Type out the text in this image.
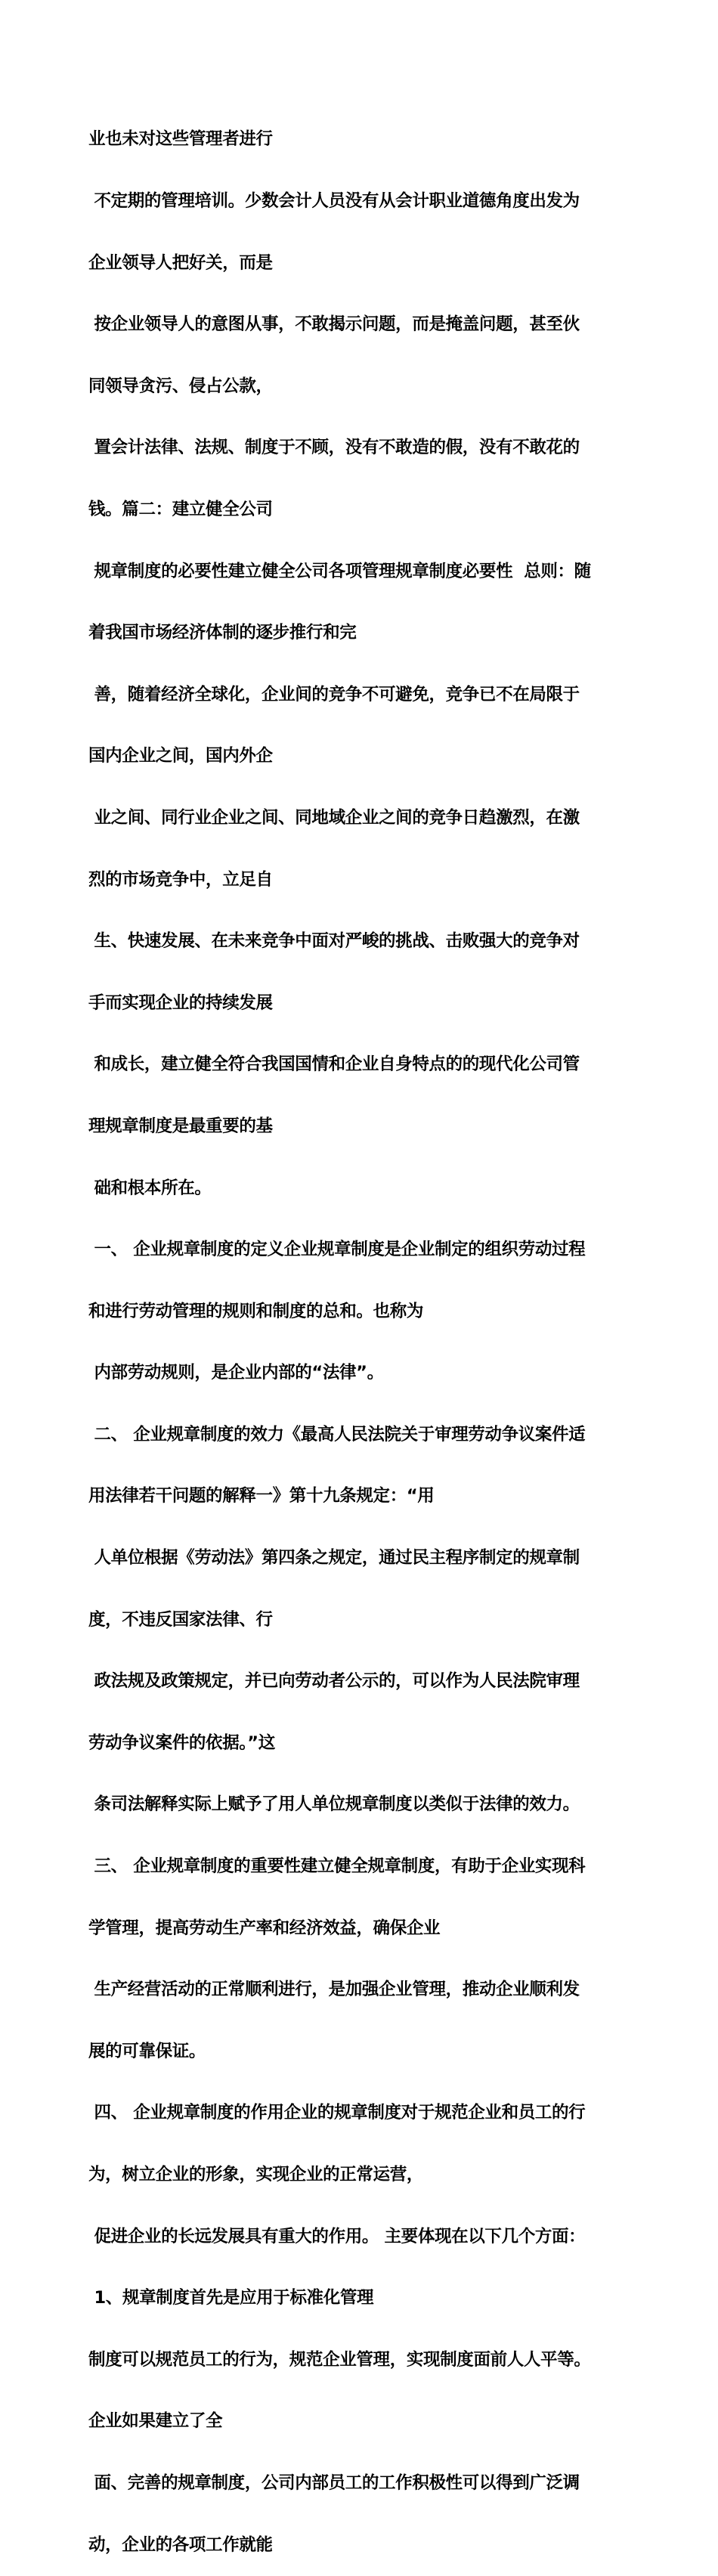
业也未对这些管理者进行

不定期的管理培训。少数会计人员没有从会计职业道德角度出发为

企业领导人把好关，而是

按企业领导人的意图从事，不敢揭示问题，而是掩盖问题，甚至伙

同领导贪污、侵占公款，

置会计法律、法规、制度于不顾，没有不敢造的假，没有不敢花的

钱。篇二：建立健全公司

规章制度的必要性建立健全公司各项管理规章制度必要性  总则：随

着我国市场经济体制的逐步推行和完

善，随着经济全球化，企业间的竞争不可避免，竞争已不在局限于

国内企业之间，国内外企

业之间、同行业企业之间、同地域企业之间的竞争日趋激烈，在激

烈的市场竞争中，立足自

生、快速发展、在未来竞争中面对严峻的挑战、击败强大的竞争对

手而实现企业的持续发展

和成长，建立健全符合我国国情和企业自身特点的的现代化公司管

理规章制度是最重要的基

础和根本所在。

一、 企业规章制度的定义企业规章制度是企业制定的组织劳动过程

和进行劳动管理的规则和制度的总和。也称为

内部劳动规则，是企业内部的“法律”。

二、 企业规章制度的效力《最高人民法院关于审理劳动争议案件适

用法律若干问题的解释一》第十九条规定：“用

人单位根据《劳动法》第四条之规定，通过民主程序制定的规章制

度，不违反国家法律、行

政法规及政策规定，并已向劳动者公示的，可以作为人民法院审理

劳动争议案件的依据。”这

条司法解释实际上赋予了用人单位规章制度以类似于法律的效力。

三、 企业规章制度的重要性建立健全规章制度，有助于企业实现科

学管理，提高劳动生产率和经济效益，确保企业

生产经营活动的正常顺利进行，是加强企业管理，推动企业顺利发

展的可靠保证。

四、 企业规章制度的作用企业的规章制度对于规范企业和员工的行

为，树立企业的形象，实现企业的正常运营，

促进企业的长远发展具有重大的作用。 主要体现在以下几个方面：

1、规章制度首先是应用于标准化管理

制度可以规范员工的行为，规范企业管理，实现制度面前人人平等。

企业如果建立了全

面、完善的规章制度，公司内部员工的工作积极性可以得到广泛调

动，企业的各项工作就能
